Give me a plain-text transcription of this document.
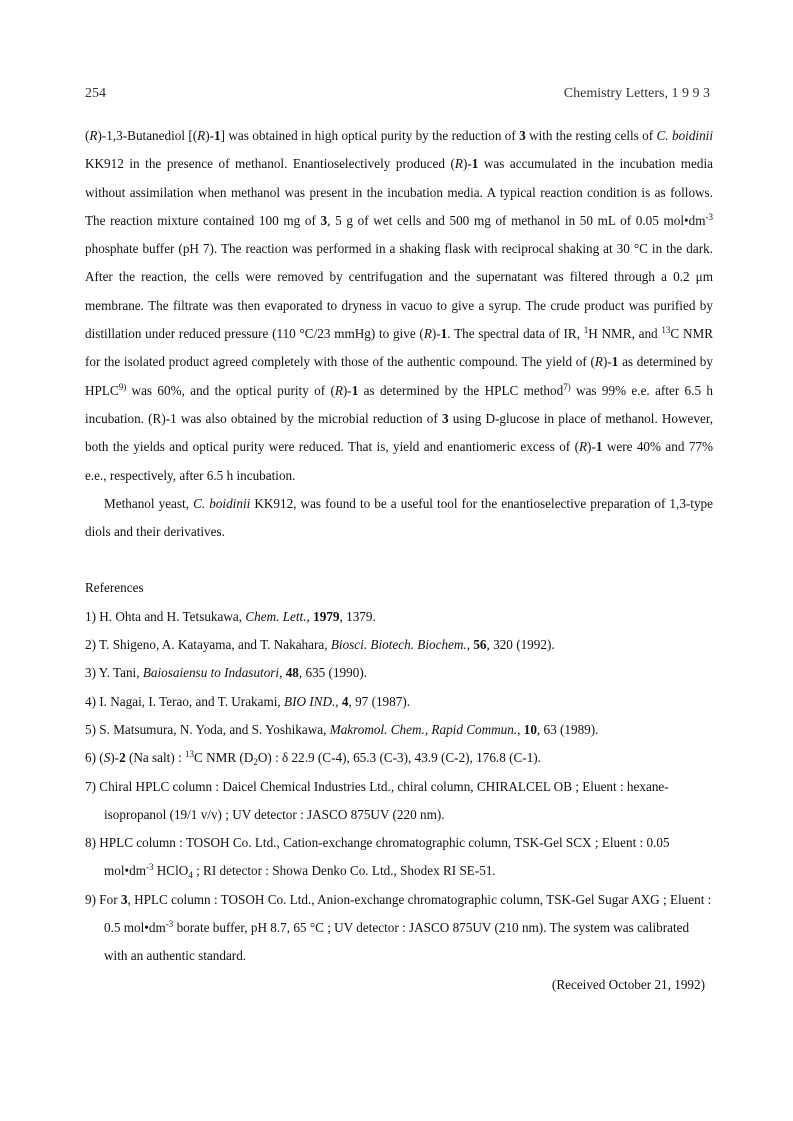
254	Chemistry Letters, 1 9 9 3

(R)-1,3-Butanediol [(R)-1] was obtained in high optical purity by the reduction of 3 with the resting cells of C. boidinii KK912 in the presence of methanol. Enantioselectively produced (R)-1 was accumulated in the incubation media without assimilation when methanol was present in the incubation media. A typical reaction condition is as follows. The reaction mixture contained 100 mg of 3, 5 g of wet cells and 500 mg of methanol in 50 mL of 0.05 $mol•dm^{-3}$ phosphate buffer (pH 7). The reaction was performed in a shaking flask with reciprocal shaking at 30 °C in the dark. After the reaction, the cells were removed by centrifugation and the supernatant was filtered through a 0.2 μm membrane. The filtrate was then evaporated to dryness in vacuo to give a syrup. The crude product was purified by distillation under reduced pressure (110 °C/23 mmHg) to give (R)-1. The spectral data of IR, $^1$H NMR, and $^{13}$C NMR for the isolated product agreed completely with those of the authentic compound. The yield of (R)-1 as determined by HPLC$^{9)}$ was 60%, and the optical purity of (R)-1 as determined by the HPLC method$^{7)}$ was 99% e.e. after 6.5 h incubation. (R)-1 was also obtained by the microbial reduction of 3 using D-glucose in place of methanol. However, both the yields and optical purity were reduced. That is, yield and enantiomeric excess of (R)-1 were 40% and 77% e.e., respectively, after 6.5 h incubation.

Methanol yeast, C. boidinii KK912, was found to be a useful tool for the enantioselective preparation of 1,3-type diols and their derivatives.

References
1) H. Ohta and H. Tetsukawa, Chem. Lett., 1979, 1379.
2) T. Shigeno, A. Katayama, and T. Nakahara, Biosci. Biotech. Biochem., 56, 320 (1992).
3) Y. Tani, Baiosaiensu to Indasutori, 48, 635 (1990).
4) I. Nagai, I. Terao, and T. Urakami, BIO IND., 4, 97 (1987).
5) S. Matsumura, N. Yoda, and S. Yoshikawa, Makromol. Chem., Rapid Commun., 10, 63 (1989).
6) (S)-2 (Na salt) : $^{13}$C NMR $(D_2O)$ : δ 22.9 (C-4), 65.3 (C-3), 43.9 (C-2), 176.8 (C-1).
7) Chiral HPLC column : Daicel Chemical Industries Ltd., chiral column, CHIRALCEL OB ; Eluent : hexane-isopropanol (19/1 v/v) ; UV detector : JASCO 875UV (220 nm).
8) HPLC column : TOSOH Co. Ltd., Cation-exchange chromatographic column, TSK-Gel SCX ; Eluent : 0.05 $mol•dm^{-3}$ HClO$_4$ ; RI detector : Showa Denko Co. Ltd., Shodex RI SE-51.
9) For 3, HPLC column : TOSOH Co. Ltd., Anion-exchange chromatographic column, TSK-Gel Sugar AXG ; Eluent : 0.5 $mol•dm^{-3}$ borate buffer, pH 8.7, 65 °C ; UV detector : JASCO 875UV (210 nm). The system was calibrated with an authentic standard.
(Received October 21, 1992)
